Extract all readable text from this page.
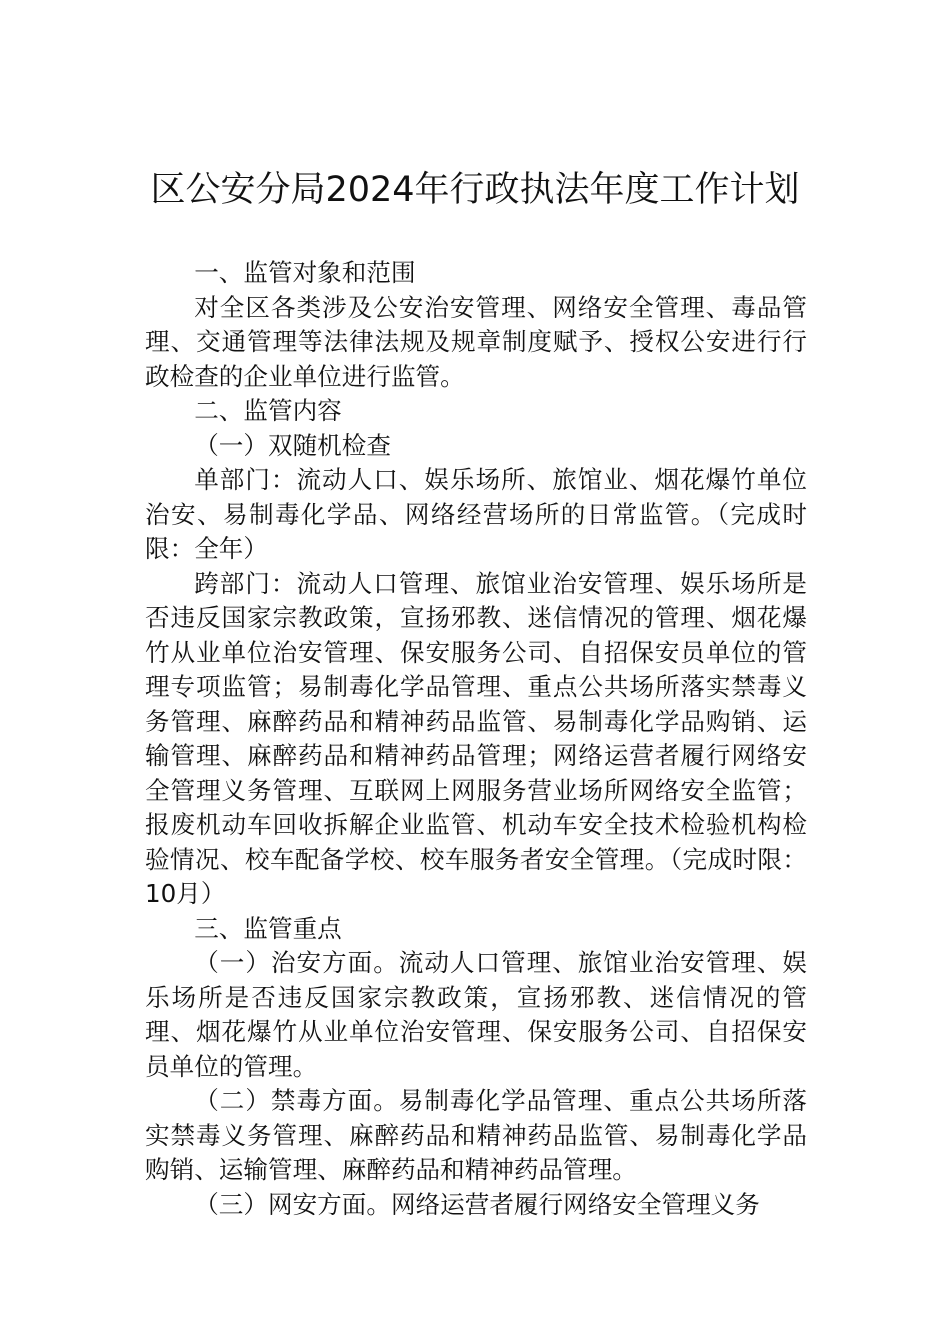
区公安分局2024年行政执法年度工作计划

一、监管对象和范围

对全区各类涉及公安治安管理、网络安全管理、毒品管理、交通管理等法律法规及规章制度赋予、授权公安进行行政检查的企业单位进行监管。

二、监管内容

（一）双随机检查

单部门：流动人口、娱乐场所、旅馆业、烟花爆竹单位治安、易制毒化学品、网络经营场所的日常监管。（完成时限：全年）

跨部门：流动人口管理、旅馆业治安管理、娱乐场所是否违反国家宗教政策，宣扬邪教、迷信情况的管理、烟花爆竹从业单位治安管理、保安服务公司、自招保安员单位的管理专项监管；易制毒化学品管理、重点公共场所落实禁毒义务管理、麻醉药品和精神药品监管、易制毒化学品购销、运输管理、麻醉药品和精神药品管理；网络运营者履行网络安全管理义务管理、互联网上网服务营业场所网络安全监管；报废机动车回收拆解企业监管、机动车安全技术检验机构检验情况、校车配备学校、校车服务者安全管理。（完成时限：10月）

三、监管重点

（一）治安方面。流动人口管理、旅馆业治安管理、娱乐场所是否违反国家宗教政策，宣扬邪教、迷信情况的管理、烟花爆竹从业单位治安管理、保安服务公司、自招保安员单位的管理。

（二）禁毒方面。易制毒化学品管理、重点公共场所落实禁毒义务管理、麻醉药品和精神药品监管、易制毒化学品购销、运输管理、麻醉药品和精神药品管理。

（三）网安方面。网络运营者履行网络安全管理义务
